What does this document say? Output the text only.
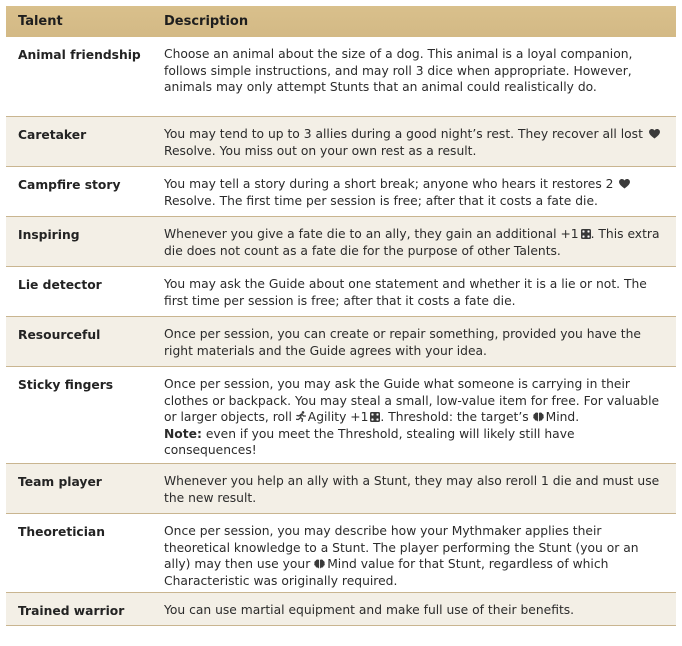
Talent	Description
Animal friendship	Choose an animal about the size of a dog. This animal is a loyal companion, follows simple instructions, and may roll 3 dice when appropriate. However, animals may only attempt Stunts that an animal could realistically do.
Caretaker	You may tend to up to 3 allies during a good night’s rest. They recover all lost Resolve. You miss out on your own rest as a result.
Campfire story	You may tell a story during a short break; anyone who hears it restores 2  Resolve. The first time per session is free; after that it costs a fate die.
Inspiring	Whenever you give a fate die to an ally, they gain an additional +1 . This extra die does not count as a fate die for the purpose of other Talents.
Lie detector	You may ask the Guide about one statement and whether it is a lie or not. The first time per session is free; after that it costs a fate die.
Resourceful	Once per session, you can create or repair something, provided you have the right materials and the Guide agrees with your idea.
Sticky fingers	Once per session, you may ask the Guide what someone is carrying in their clothes or backpack. You may steal a small, low-value item for free. For valuable or larger objects, roll Agility +1 . Threshold: the target’s Mind.
Note: even if you meet the Threshold, stealing will likely still have consequences!
Team player	Whenever you help an ally with a Stunt, they may also reroll 1 die and must use the new result.
Theoretician	Once per session, you may describe how your Mythmaker applies their theoretical knowledge to a Stunt. The player performing the Stunt (you or an ally) may then use your Mind value for that Stunt, regardless of which Characteristic was originally required.
Trained warrior	You can use martial equipment and make full use of their benefits.
